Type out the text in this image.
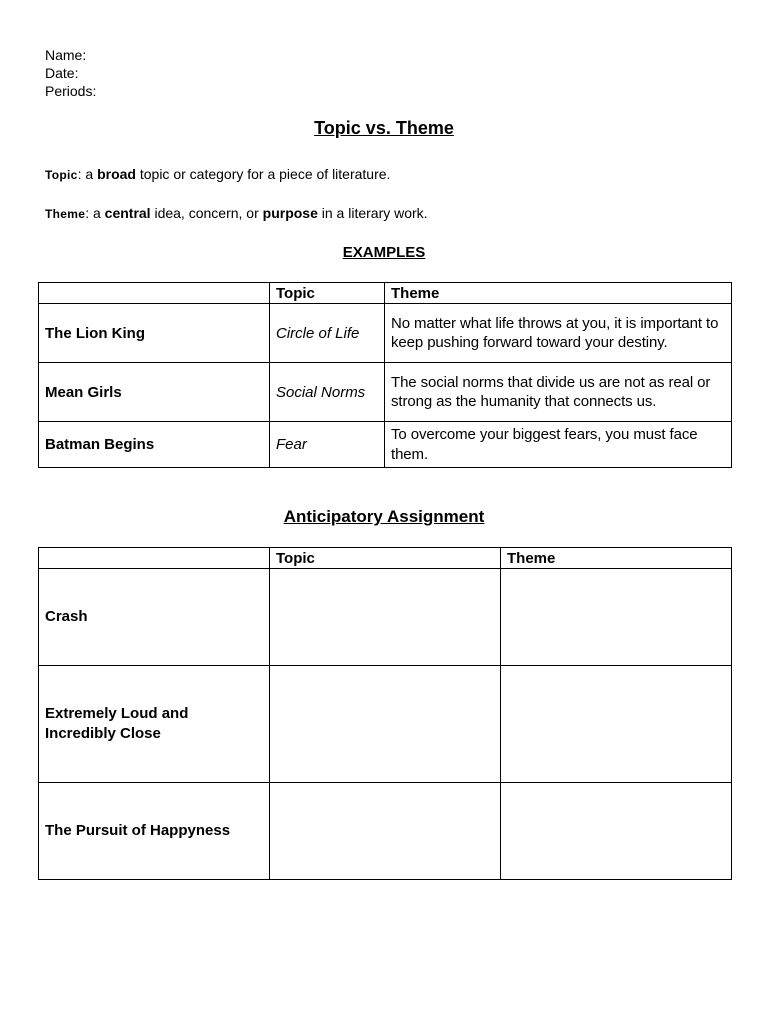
Name:
Date:
Periods:
Topic vs. Theme
Topic: a broad topic or category for a piece of literature.
Theme: a central idea, concern, or purpose in a literary work.
EXAMPLES
	Topic	Theme
The Lion King	Circle of Life	No matter what life throws at you, it is important to keep pushing forward toward your destiny.
Mean Girls	Social Norms	The social norms that divide us are not as real or strong as the humanity that connects us.
Batman Begins	Fear	To overcome your biggest fears, you must face them.
Anticipatory Assignment
	Topic	Theme
Crash		
Extremely Loud and Incredibly Close		
The Pursuit of Happyness		
